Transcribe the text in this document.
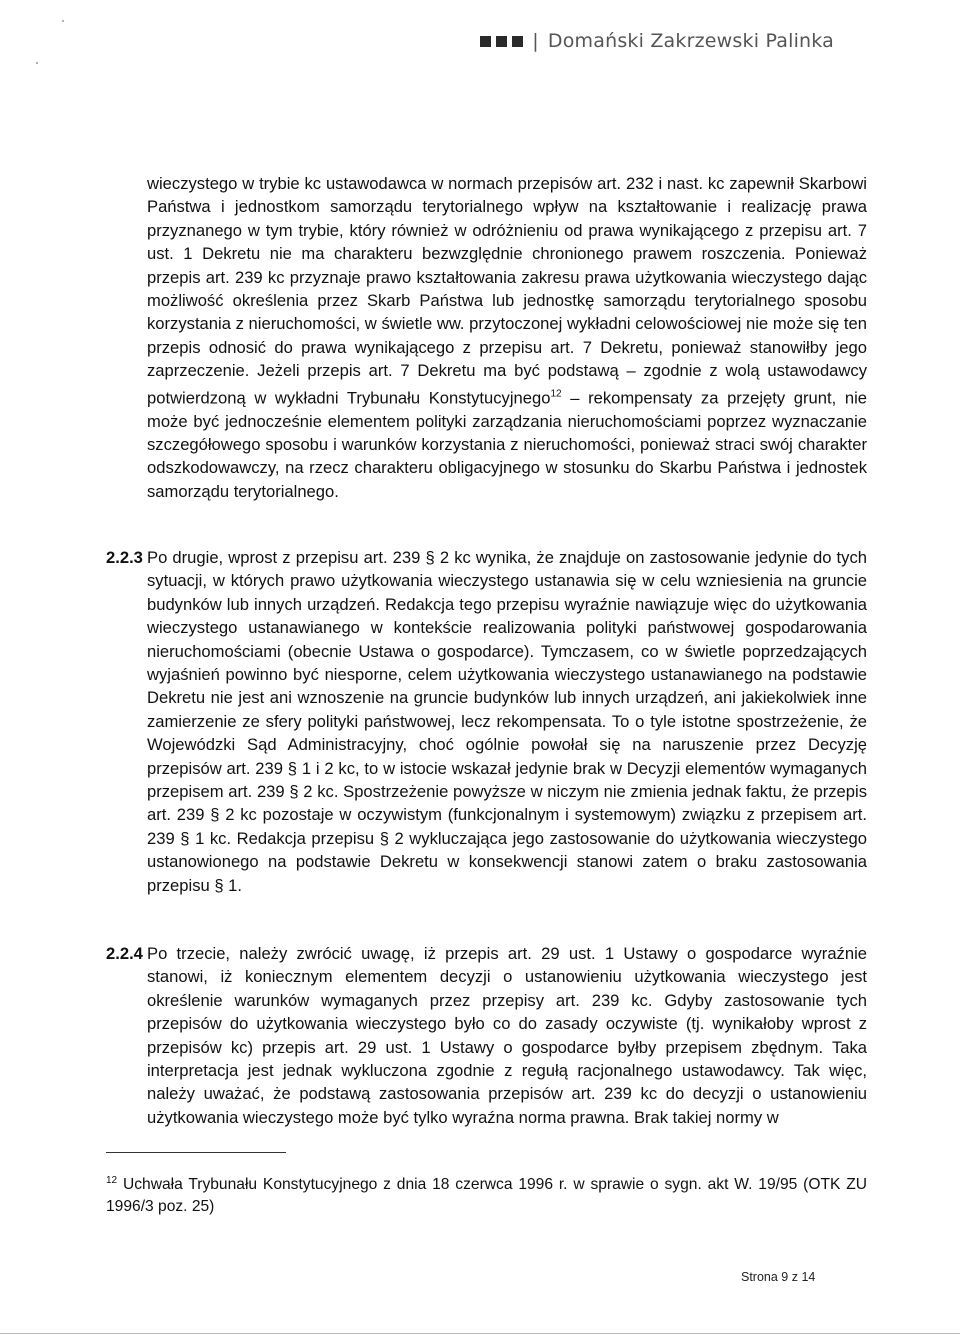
| Domański Zakrzewski Palinka
wieczystego w trybie kc ustawodawca w normach przepisów art. 232 i nast. kc zapewnił Skarbowi Państwa i jednostkom samorządu terytorialnego wpływ na kształtowanie i realizację prawa przyznanego w tym trybie, który również w odróżnieniu od prawa wynikającego z przepisu art. 7 ust. 1 Dekretu nie ma charakteru bezwzględnie chronionego prawem roszczenia. Ponieważ przepis art. 239 kc przyznaje prawo kształtowania zakresu prawa użytkowania wieczystego dając możliwość określenia przez Skarb Państwa lub jednostkę samorządu terytorialnego sposobu korzystania z nieruchomości, w świetle ww. przytoczonej wykładni celowościowej nie może się ten przepis odnosić do prawa wynikającego z przepisu art. 7 Dekretu, ponieważ stanowiłby jego zaprzeczenie. Jeżeli przepis art. 7 Dekretu ma być podstawą – zgodnie z wolą ustawodawcy potwierdzoną w wykładni Trybunału Konstytucyjnego$^{12}$ – rekompensaty za przejęty grunt, nie może być jednocześnie elementem polityki zarządzania nieruchomościami poprzez wyznaczanie szczegółowego sposobu i warunków korzystania z nieruchomości, ponieważ straci swój charakter odszkodowawczy, na rzecz charakteru obligacyjnego w stosunku do Skarbu Państwa i jednostek samorządu terytorialnego.
2.2.3 Po drugie, wprost z przepisu art. 239 § 2 kc wynika, że znajduje on zastosowanie jedynie do tych sytuacji, w których prawo użytkowania wieczystego ustanawia się w celu wzniesienia na gruncie budynków lub innych urządzeń. Redakcja tego przepisu wyraźnie nawiązuje więc do użytkowania wieczystego ustanawianego w kontekście realizowania polityki państwowej gospodarowania nieruchomościami (obecnie Ustawa o gospodarce). Tymczasem, co w świetle poprzedzających wyjaśnień powinno być niesporne, celem użytkowania wieczystego ustanawianego na podstawie Dekretu nie jest ani wznoszenie na gruncie budynków lub innych urządzeń, ani jakiekolwiek inne zamierzenie ze sfery polityki państwowej, lecz rekompensata. To o tyle istotne spostrzeżenie, że Wojewódzki Sąd Administracyjny, choć ogólnie powołał się na naruszenie przez Decyzję przepisów art. 239 § 1 i 2 kc, to w istocie wskazał jedynie brak w Decyzji elementów wymaganych przepisem art. 239 § 2 kc. Spostrzeżenie powyższe w niczym nie zmienia jednak faktu, że przepis art. 239 § 2 kc pozostaje w oczywistym (funkcjonalnym i systemowym) związku z przepisem art. 239 § 1 kc. Redakcja przepisu § 2 wykluczająca jego zastosowanie do użytkowania wieczystego ustanowionego na podstawie Dekretu w konsekwencji stanowi zatem o braku zastosowania przepisu § 1.
2.2.4 Po trzecie, należy zwrócić uwagę, iż przepis art. 29 ust. 1 Ustawy o gospodarce wyraźnie stanowi, iż koniecznym elementem decyzji o ustanowieniu użytkowania wieczystego jest określenie warunków wymaganych przez przepisy art. 239 kc. Gdyby zastosowanie tych przepisów do użytkowania wieczystego było co do zasady oczywiste (tj. wynikałoby wprost z przepisów kc) przepis art. 29 ust. 1 Ustawy o gospodarce byłby przepisem zbędnym. Taka interpretacja jest jednak wykluczona zgodnie z regułą racjonalnego ustawodawcy. Tak więc, należy uważać, że podstawą zastosowania przepisów art. 239 kc do decyzji o ustanowieniu użytkowania wieczystego może być tylko wyraźna norma prawna. Brak takiej normy w
$^{12}$ Uchwała Trybunału Konstytucyjnego z dnia 18 czerwca 1996 r. w sprawie o sygn. akt W. 19/95 (OTK ZU 1996/3 poz. 25)
Strona 9 z 14
